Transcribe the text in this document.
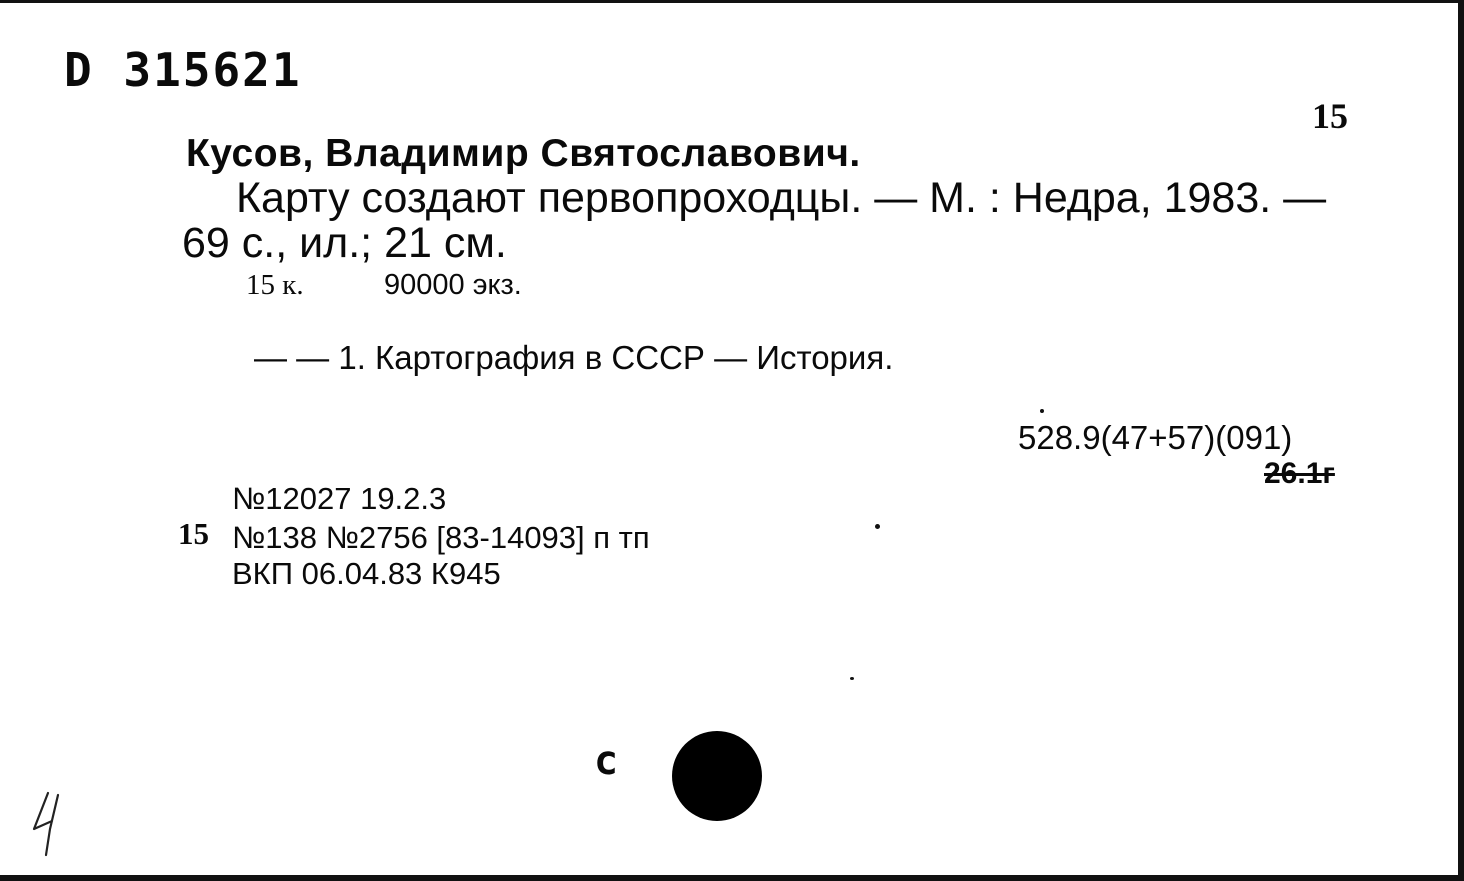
D 315621
15
Кусов, Владимир Святославович.
Карту создают первопроходцы. — М. : Недра, 1983. —
69 с., ил.; 21 см.
15 к.	90000 экз.
— — 1. Картография в СССР — История.
528.9(47+57)(091)
26.1г
15
№12027 19.2.3
№138 №2756 [83-14093] п тп
ВКП 06.04.83 К945
с
